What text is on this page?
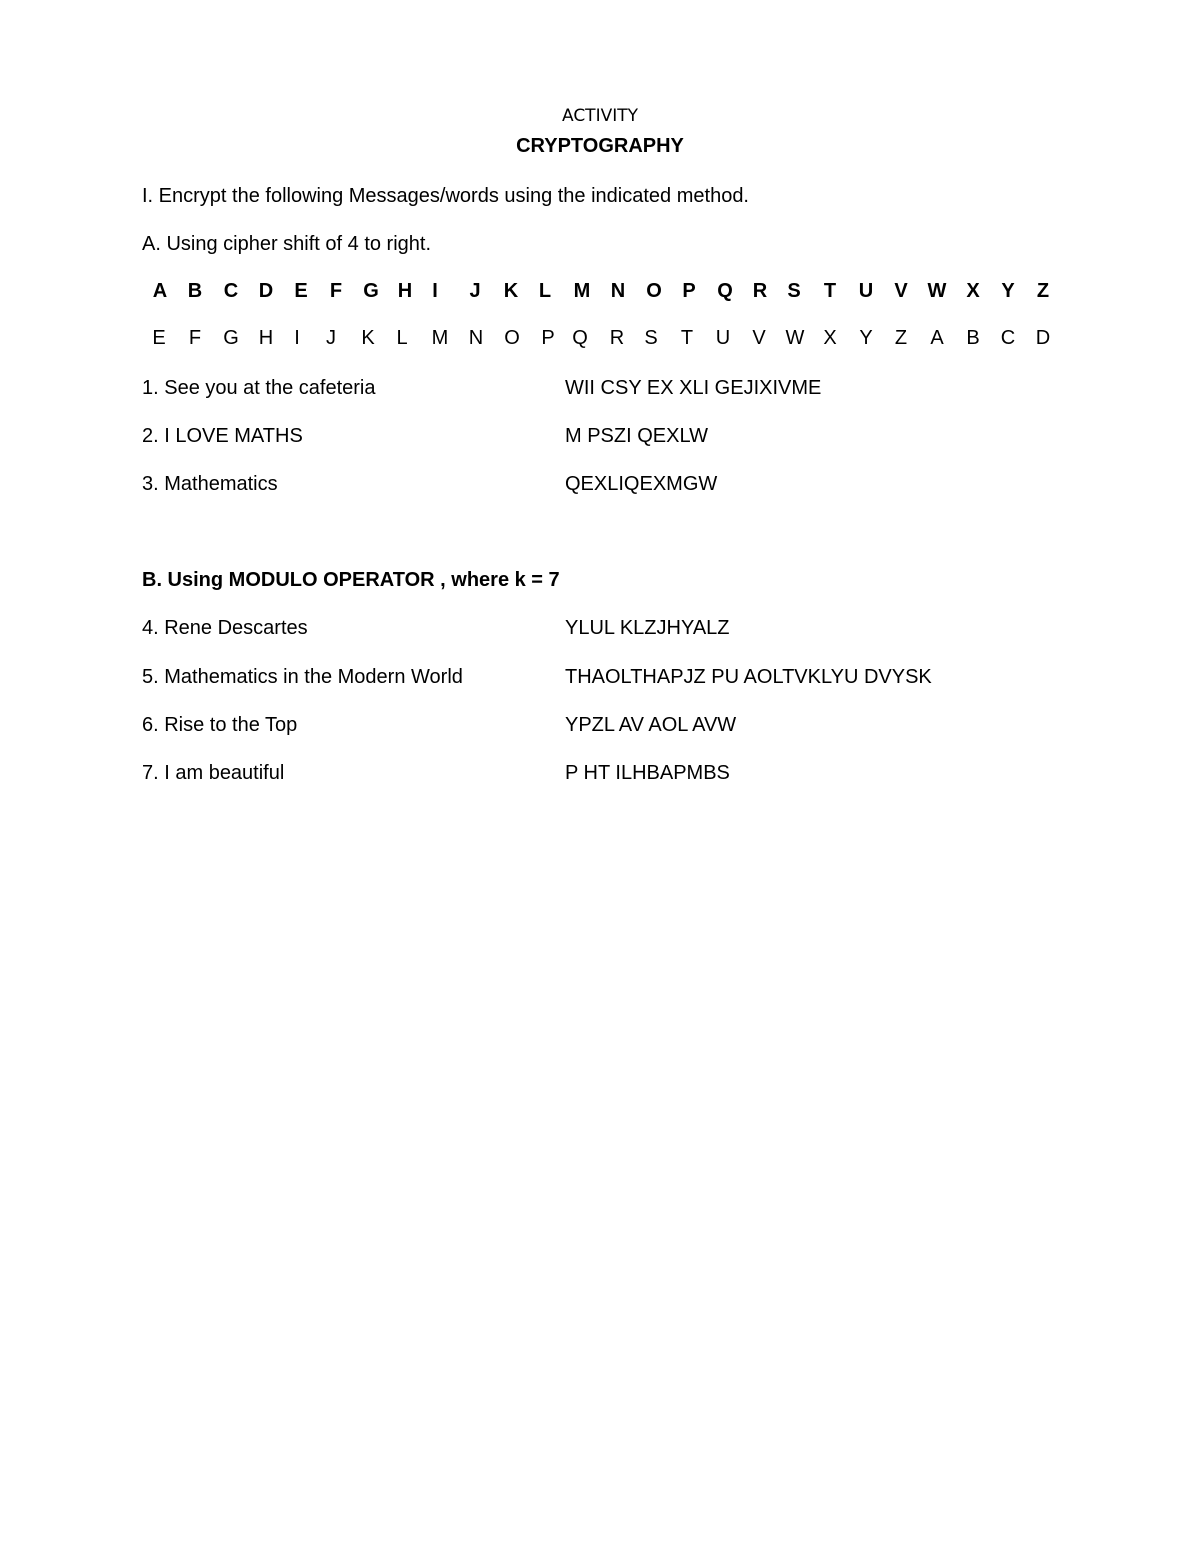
ACTIVITY
CRYPTOGRAPHY
I. Encrypt the following Messages/words using the indicated method.
A. Using cipher shift of 4 to right.
A	B	C	D	E	F	G H	I	J	K	L	M	N	O	P	Q R	S	T	U	V W X	Y	Z
E	F	G H	I	J	K	L	M	N	O	P Q	R	S	T	U	V W X	Y	Z	A	B	C	D
1. See you at the cafeteria	WII CSY EX XLI GEJIXIVME
2. I LOVE MATHS	M PSZI QEXLW
3. Mathematics	QEXLIQEXMGW
B. Using MODULO OPERATOR , where k = 7
4. Rene Descartes	YLUL KLZJHYALZ
5. Mathematics in the Modern World	THAOLTHAPJZ PU AOLTVKLYU DVYSK
6. Rise to the Top	YPZL AV AOL AVW
7. I am beautiful	P HT ILHBAPMBS
